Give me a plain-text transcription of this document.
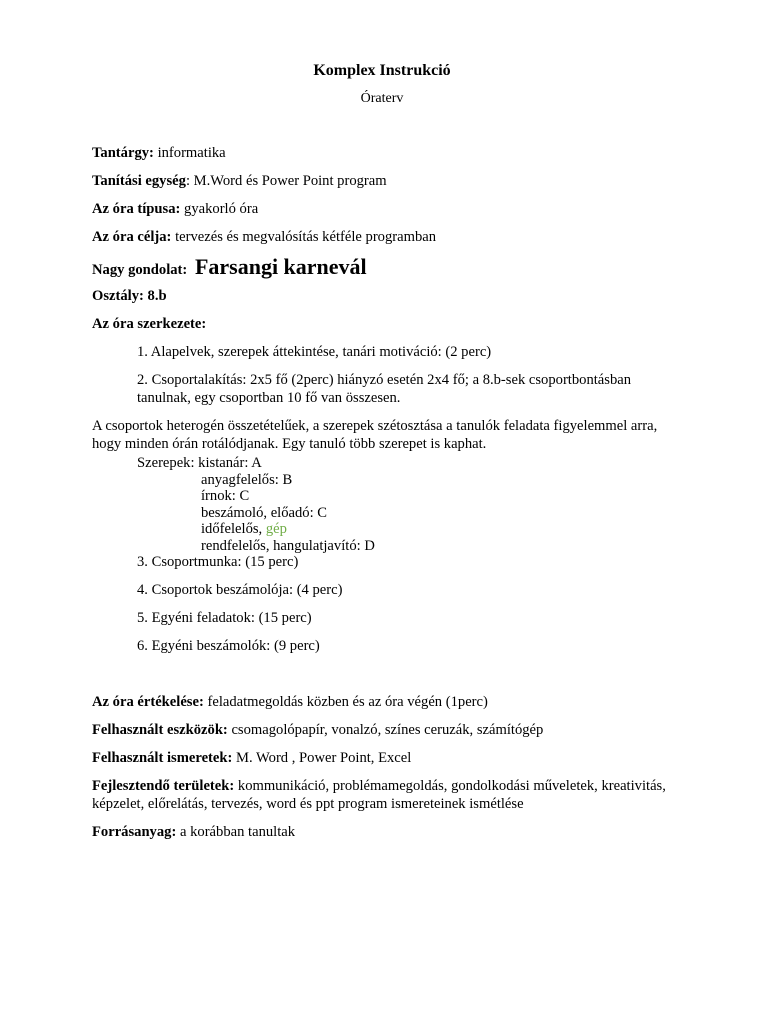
Komplex Instrukció

Óraterv

Tantárgy: informatika

Tanítási egység: M.Word és Power Point program

Az óra típusa: gyakorló óra

Az óra célja: tervezés és megvalósítás kétféle programban

Nagy gondolat: Farsangi karnevál

Osztály: 8.b

Az óra szerkezete:

1. Alapelvek, szerepek áttekintése, tanári motiváció: (2 perc)

2. Csoportalakítás: 2x5 fő (2perc) hiányzó esetén 2x4 fő; a 8.b-sek csoportbontásban tanulnak, egy csoportban 10 fő van összesen.

A csoportok heterogén összetételűek, a szerepek szétosztása a tanulók feladata figyelemmel arra, hogy minden órán rotálódjanak. Egy tanuló több szerepet is kaphat.

Szerepek: kistanár: A
anyagfelelős: B
írnok: C
beszámoló, előadó: C
időfelelős, gép
rendfelelős, hangulatjavító: D
3. Csoportmunka: (15 perc)

4. Csoportok beszámolója: (4 perc)

5. Egyéni feladatok: (15 perc)

6. Egyéni beszámolók: (9 perc)

Az óra értékelése: feladatmegoldás közben és az óra végén (1perc)

Felhasznált eszközök: csomagolópapír, vonalzó, színes ceruzák, számítógép

Felhasznált ismeretek: M. Word , Power Point, Excel

Fejlesztendő területek: kommunikáció, problémamegoldás, gondolkodási műveletek, kreativitás, képzelet, előrelátás, tervezés, word és ppt program ismereteinek ismétlése

Forrásanyag: a korábban tanultak
